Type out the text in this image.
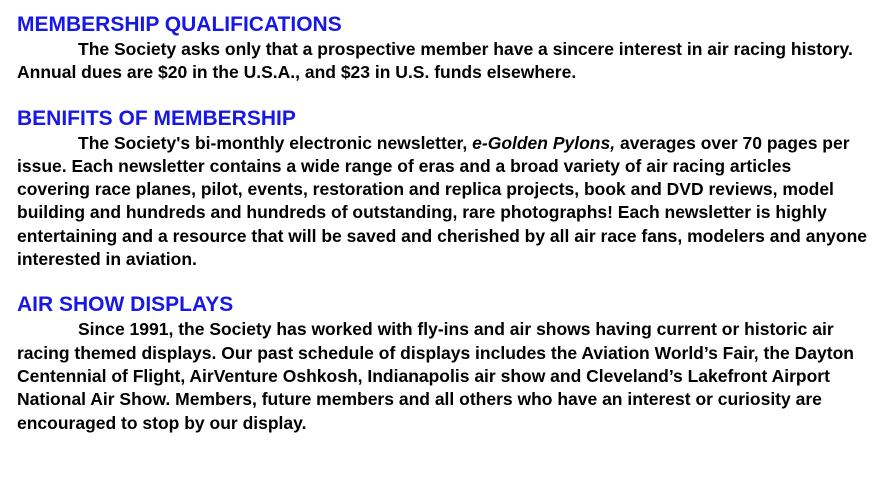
MEMBERSHIP QUALIFICATIONS

The Society asks only that a prospective member have a sincere interest in air racing history. Annual dues are $20 in the U.S.A., and $23 in U.S. funds elsewhere.

BENIFITS OF MEMBERSHIP

The Society's bi-monthly electronic newsletter, e-Golden Pylons, averages over 70 pages per issue. Each newsletter contains a wide range of eras and a broad variety of air racing articles covering race planes, pilot, events, restoration and replica projects, book and DVD reviews, model building and hundreds and hundreds of outstanding, rare photographs! Each newsletter is highly entertaining and a resource that will be saved and cherished by all air race fans, modelers and anyone interested in aviation.

AIR SHOW DISPLAYS

Since 1991, the Society has worked with fly-ins and air shows having current or historic air racing themed displays. Our past schedule of displays includes the Aviation World’s Fair, the Dayton Centennial of Flight, AirVenture Oshkosh, Indianapolis air show and Cleveland’s Lakefront Airport National Air Show. Members, future members and all others who have an interest or curiosity are encouraged to stop by our display.
